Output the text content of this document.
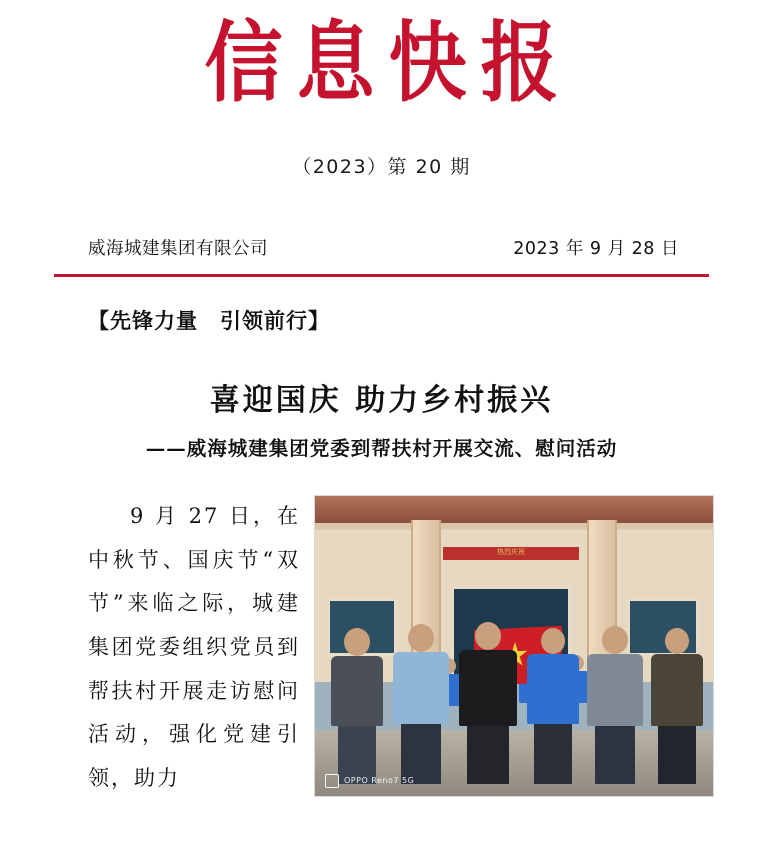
信息快报
（2023）第 20 期
威海城建集团有限公司	2023 年 9 月 28 日
【先锋力量　引领前行】
喜迎国庆 助力乡村振兴
——威海城建集团党委到帮扶村开展交流、慰问活动

9 月 27 日，在中秋节、国庆节“双节”来临之际，城建集团党委组织党员到帮扶村开展走访慰问活动，强化党建引领，助力

热烈庆祝
OPPO Reno7 5G
